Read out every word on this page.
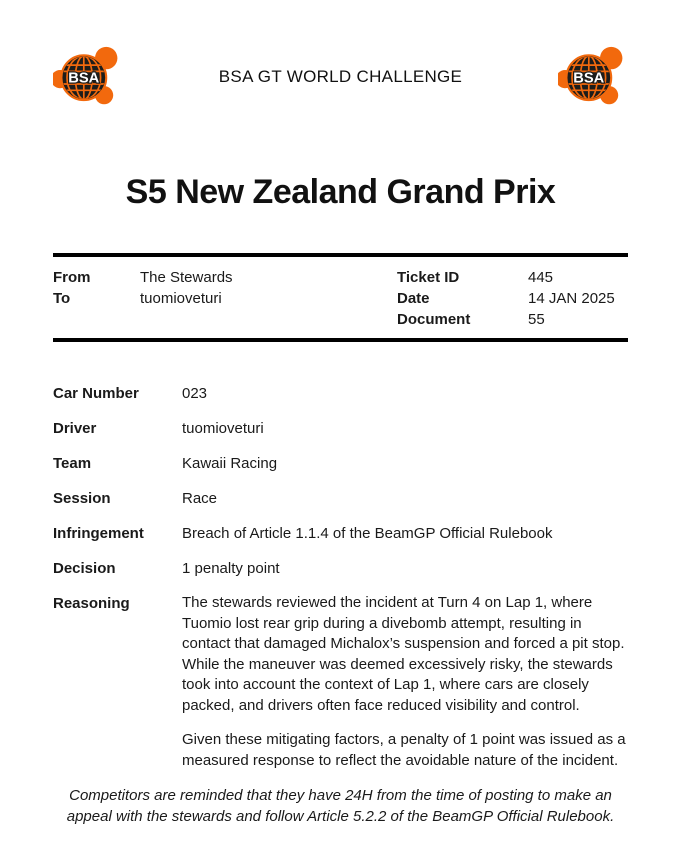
BSA	BSA GT WORLD CHALLENGE	BSA
S5 New Zealand Grand Prix
From	The Stewards
To	tuomioveturi
Ticket ID	445
Date	14 JAN 2025
Document	55
Car Number	023
Driver	tuomioveturi
Team	Kawaii Racing
Session	Race
Infringement	Breach of Article 1.1.4 of the BeamGP Official Rulebook
Decision	1 penalty point
Reasoning	The stewards reviewed the incident at Turn 4 on Lap 1, where Tuomio lost rear grip during a divebomb attempt, resulting in contact that damaged Michalox’s suspension and forced a pit stop. While the maneuver was deemed excessively risky, the stewards took into account the context of Lap 1, where cars are closely packed, and drivers often face reduced visibility and control.

Given these mitigating factors, a penalty of 1 point was issued as a measured response to reflect the avoidable nature of the incident.

Competitors are reminded that they have 24H from the time of posting to make an appeal with the stewards and follow Article 5.2.2 of the BeamGP Official Rulebook.
